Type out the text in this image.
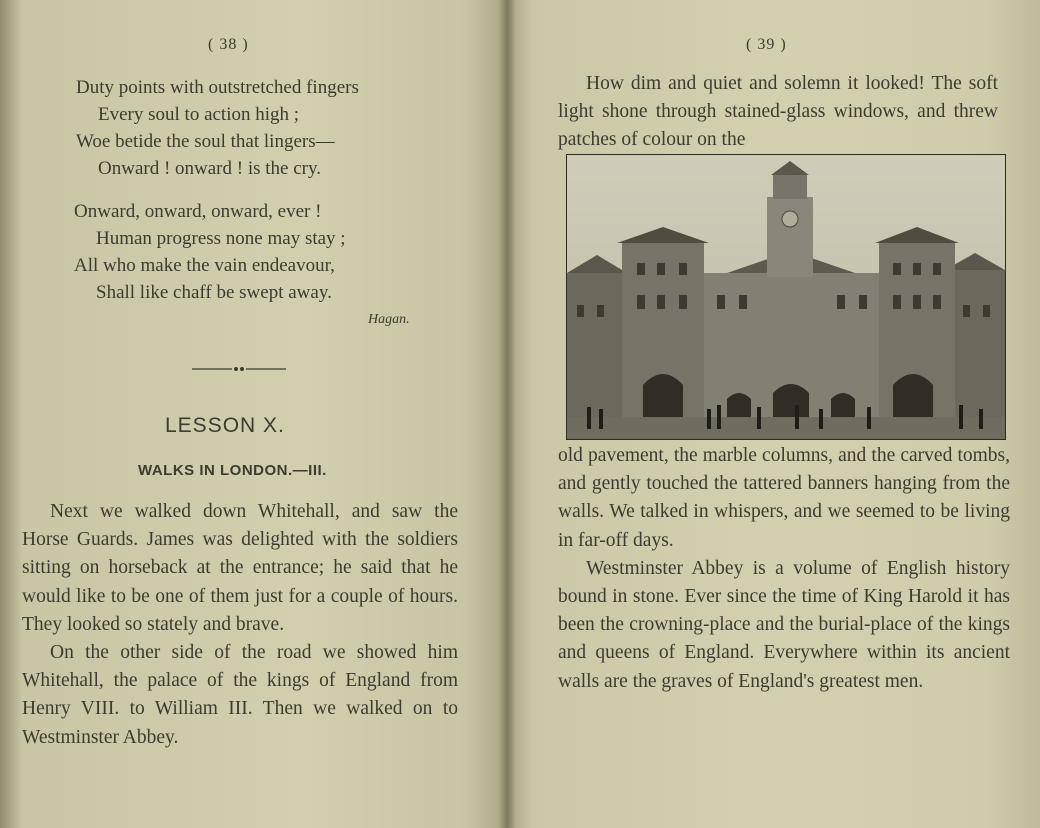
( 38 )
Duty points with outstretched fingers
Every soul to action high ;
Woe betide the soul that lingers—
Onward ! onward ! is the cry.
Onward, onward, onward, ever !
Human progress none may stay ;
All who make the vain endeavour,
Shall like chaff be swept away.
Hagan.
LESSON X.
WALKS IN LONDON.—III.

Next we walked down Whitehall, and saw the Horse Guards. James was delighted with the soldiers sitting on horseback at the entrance; he said that he would like to be one of them just for a couple of hours. They looked so stately and brave.

On the other side of the road we showed him Whitehall, the palace of the kings of England from Henry VIII. to William III. Then we walked on to Westminster Abbey.

( 39 )

How dim and quiet and solemn it looked! The soft light shone through stained-glass windows, and threw patches of colour on the

old pavement, the marble columns, and the carved tombs, and gently touched the tattered banners hanging from the walls. We talked in whispers, and we seemed to be living in far-off days.

Westminster Abbey is a volume of English history bound in stone. Ever since the time of King Harold it has been the crowning-place and the burial-place of the kings and queens of England. Everywhere within its ancient walls are the graves of England's greatest men.
